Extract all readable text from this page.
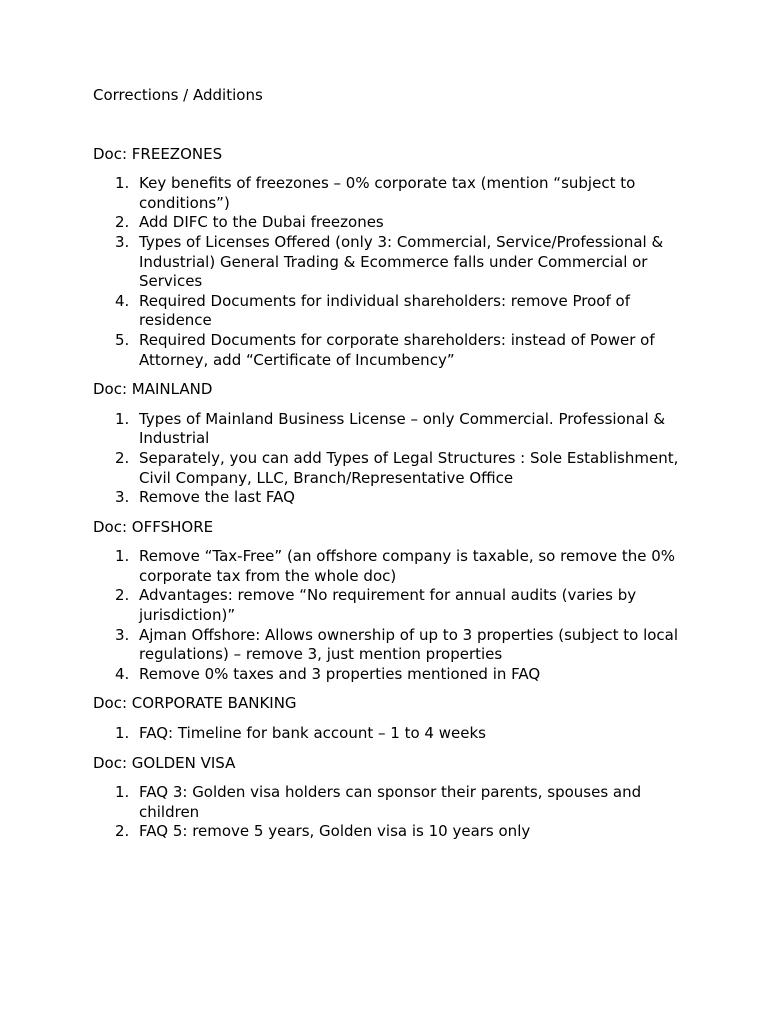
Corrections / Additions
Doc: FREEZONES
1. Key benefits of freezones – 0% corporate tax (mention “subject to conditions”)
2. Add DIFC to the Dubai freezones
3. Types of Licenses Offered (only 3: Commercial, Service/Professional & Industrial) General Trading & Ecommerce falls under Commercial or Services
4. Required Documents for individual shareholders: remove Proof of residence
5. Required Documents for corporate shareholders: instead of Power of Attorney, add “Certificate of Incumbency”
Doc: MAINLAND
1. Types of Mainland Business License – only Commercial. Professional & Industrial
2. Separately, you can add Types of Legal Structures : Sole Establishment, Civil Company, LLC, Branch/Representative Office
3. Remove the last FAQ
Doc: OFFSHORE
1. Remove “Tax-Free” (an offshore company is taxable, so remove the 0% corporate tax from the whole doc)
2. Advantages: remove “No requirement for annual audits (varies by jurisdiction)”
3. Ajman Offshore: Allows ownership of up to 3 properties (subject to local regulations) – remove 3, just mention properties
4. Remove 0% taxes and 3 properties mentioned in FAQ
Doc: CORPORATE BANKING
1. FAQ: Timeline for bank account – 1 to 4 weeks
Doc: GOLDEN VISA
1. FAQ 3: Golden visa holders can sponsor their parents, spouses and children
2. FAQ 5: remove 5 years, Golden visa is 10 years only
